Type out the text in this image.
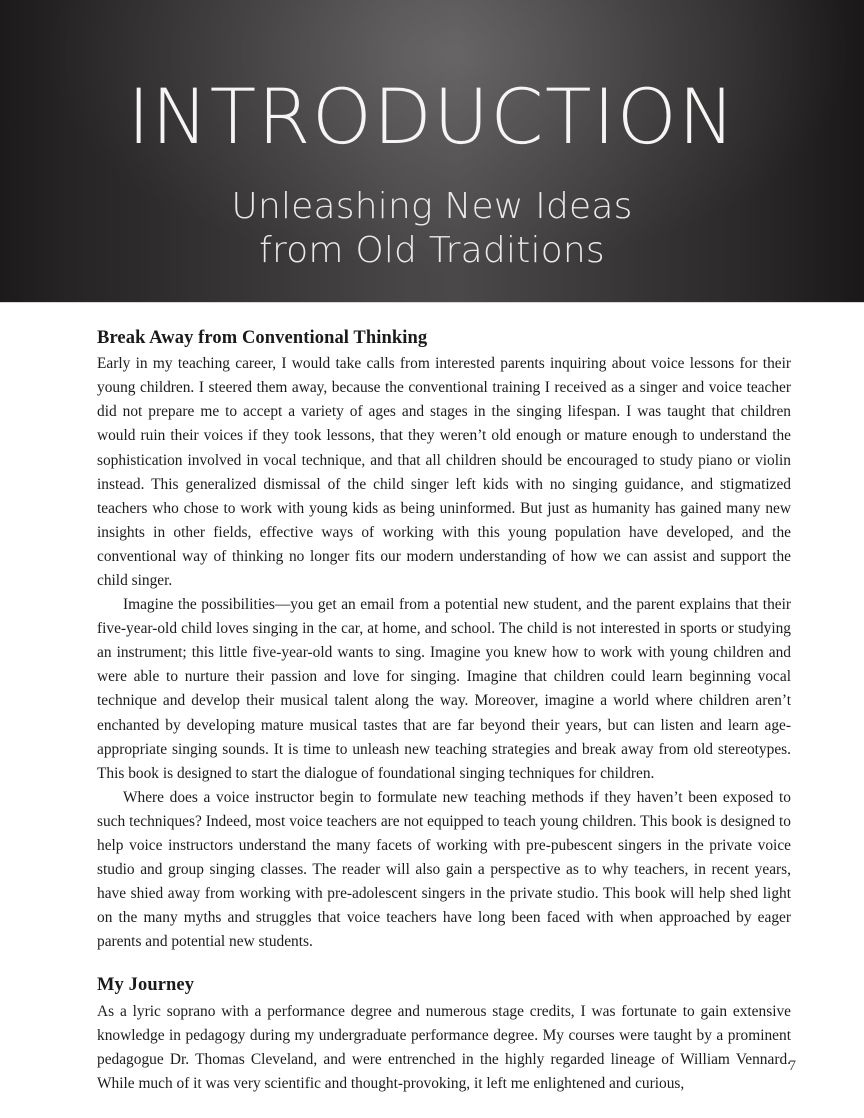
INTRODUCTION
Unleashing New Ideas
from Old Traditions
Break Away from Conventional Thinking

Early in my teaching career, I would take calls from interested parents inquiring about voice lessons for their young children. I steered them away, because the conventional training I received as a singer and voice teacher did not prepare me to accept a variety of ages and stages in the singing lifespan. I was taught that children would ruin their voices if they took lessons, that they weren’t old enough or mature enough to understand the sophistication involved in vocal technique, and that all children should be encouraged to study piano or violin instead. This generalized dismissal of the child singer left kids with no singing guidance, and stigmatized teachers who chose to work with young kids as being uninformed. But just as humanity has gained many new insights in other fields, effective ways of working with this young population have developed, and the conventional way of thinking no longer fits our modern understanding of how we can assist and support the child singer.

Imagine the possibilities—you get an email from a potential new student, and the parent explains that their five-year-old child loves singing in the car, at home, and school. The child is not interested in sports or studying an instrument; this little five-year-old wants to sing. Imagine you knew how to work with young children and were able to nurture their passion and love for singing. Imagine that children could learn beginning vocal technique and develop their musical talent along the way. Moreover, imagine a world where children aren’t enchanted by developing mature musical tastes that are far beyond their years, but can listen and learn age-appropriate singing sounds. It is time to unleash new teaching strategies and break away from old stereotypes. This book is designed to start the dialogue of foundational singing techniques for children.

Where does a voice instructor begin to formulate new teaching methods if they haven’t been exposed to such techniques? Indeed, most voice teachers are not equipped to teach young children. This book is designed to help voice instructors understand the many facets of working with pre-pubescent singers in the private voice studio and group singing classes. The reader will also gain a perspective as to why teachers, in recent years, have shied away from working with pre-adolescent singers in the private studio. This book will help shed light on the many myths and struggles that voice teachers have long been faced with when approached by eager parents and potential new students.

My Journey

As a lyric soprano with a performance degree and numerous stage credits, I was fortunate to gain extensive knowledge in pedagogy during my undergraduate performance degree. My courses were taught by a prominent pedagogue Dr. Thomas Cleveland, and were entrenched in the highly regarded lineage of William Vennard. While much of it was very scientific and thought-provoking, it left me enlightened and curious,

7
